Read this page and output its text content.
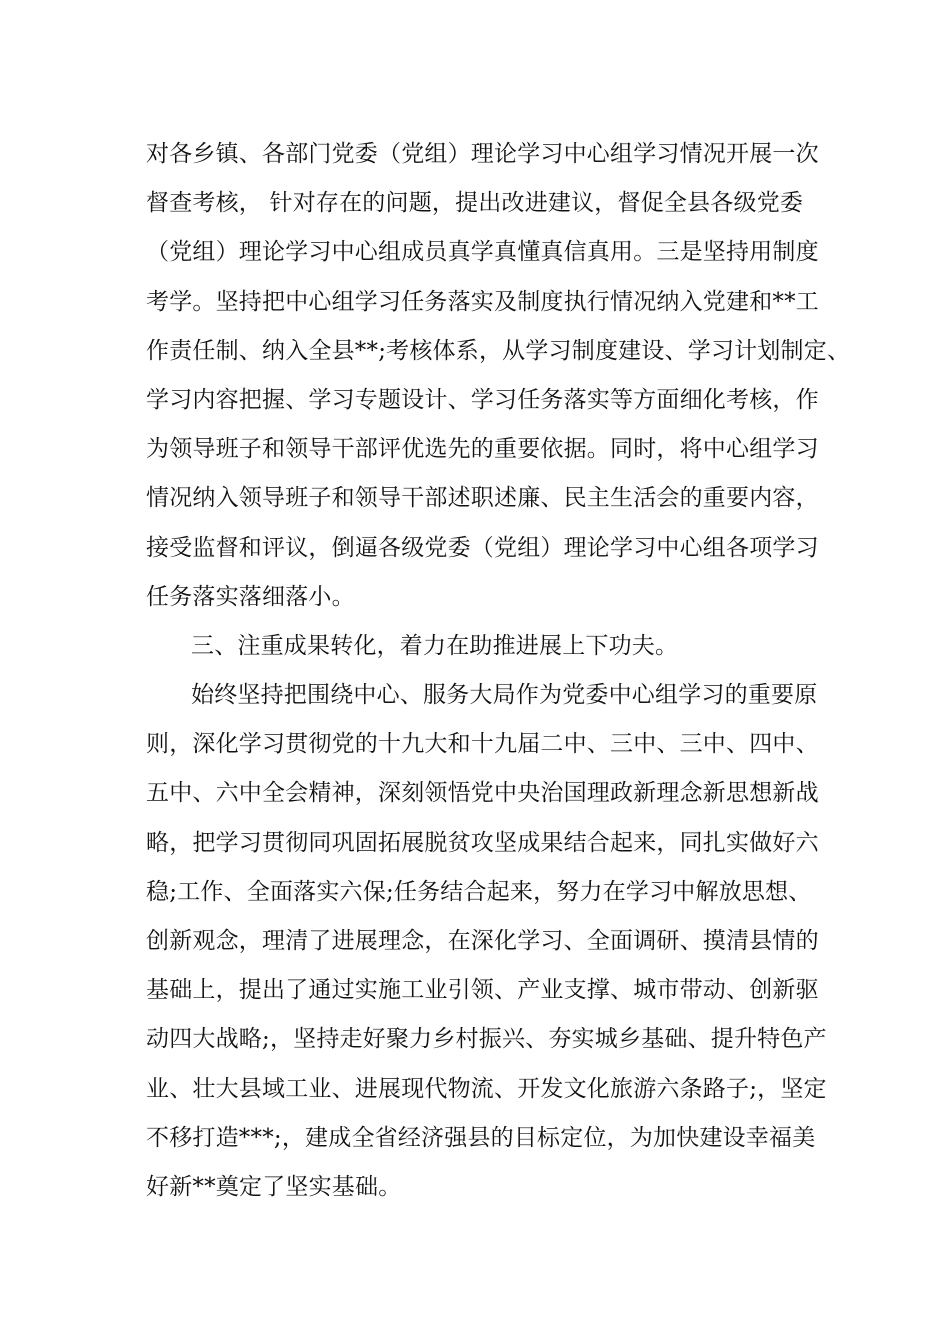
对各乡镇、各部门党委（党组）理论学习中心组学习情况开展一次
督查考核， 针对存在的问题，提出改进建议，督促全县各级党委
（党组）理论学习中心组成员真学真懂真信真用。三是坚持用制度
考学。坚持把中心组学习任务落实及制度执行情况纳入党建和**工
作责任制、纳入全县**;考核体系，从学习制度建设、学习计划制定、
学习内容把握、学习专题设计、学习任务落实等方面细化考核，作
为领导班子和领导干部评优选先的重要依据。同时，将中心组学习
情况纳入领导班子和领导干部述职述廉、民主生活会的重要内容，
接受监督和评议，倒逼各级党委（党组）理论学习中心组各项学习
任务落实落细落小。
三、注重成果转化，着力在助推进展上下功夫。
始终坚持把围绕中心、服务大局作为党委中心组学习的重要原
则，深化学习贯彻党的十九大和十九届二中、三中、三中、四中、
五中、六中全会精神，深刻领悟党中央治国理政新理念新思想新战
略，把学习贯彻同巩固拓展脱贫攻坚成果结合起来，同扎实做好六
稳;工作、全面落实六保;任务结合起来，努力在学习中解放思想、
创新观念，理清了进展理念，在深化学习、全面调研、摸清县情的
基础上，提出了通过实施工业引领、产业支撑、城市带动、创新驱
动四大战略;，坚持走好聚力乡村振兴、夯实城乡基础、提升特色产
业、壮大县域工业、进展现代物流、开发文化旅游六条路子;，坚定
不移打造***;，建成全省经济强县的目标定位，为加快建设幸福美
好新**奠定了坚实基础。
